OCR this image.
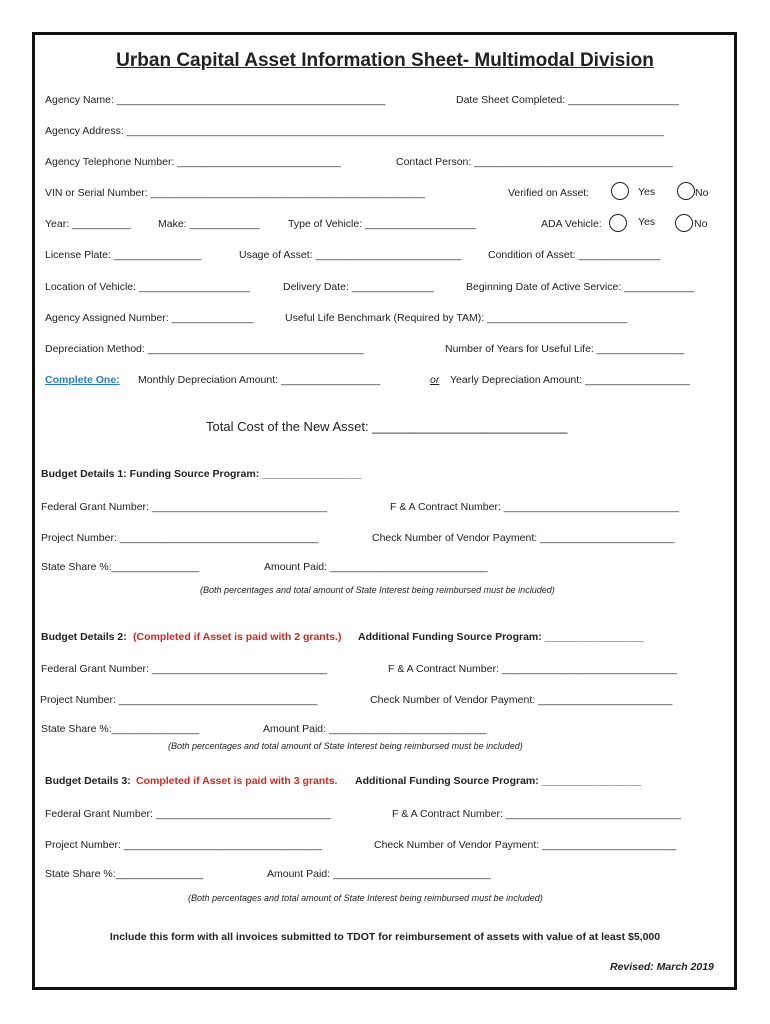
Urban Capital Asset Information Sheet- Multimodal Division
Agency Name: ______________________________________________	Date Sheet Completed: ___________________
Agency Address: ____________________________________________________________________________________________
Agency Telephone Number: ____________________________	Contact Person: __________________________________
VIN or Serial Number: _______________________________________________	Verified on Asset:	Yes	No
Year: __________	Make: ____________	Type of Vehicle: ___________________	ADA Vehicle:	Yes	No
License Plate: _______________	Usage of Asset: _________________________	Condition of Asset: ______________
Location of Vehicle: ___________________	Delivery Date: ______________	Beginning Date of Active Service: ____________
Agency Assigned Number: ______________	Useful Life Benchmark (Required by TAM): ________________________
Depreciation Method: _____________________________________	Number of Years for Useful Life: _______________
Complete One: Monthly Depreciation Amount: _________________	or Yearly Depreciation Amount: __________________
Total Cost of the New Asset: ___________________________
Budget Details 1: Funding Source Program: _________________
Federal Grant Number: ______________________________	F & A Contract Number: ______________________________
Project Number: __________________________________	Check Number of Vendor Payment: _______________________
State Share %:_______________	Amount Paid: ___________________________
(Both percentages and total amount of State Interest being reimbursed must be included)
Budget Details 2: (Completed if Asset is paid with 2 grants.) Additional Funding Source Program: _________________
Federal Grant Number: ______________________________	F & A Contract Number: ______________________________
Project Number: __________________________________	Check Number of Vendor Payment: _______________________
State Share %:_______________	Amount Paid: ___________________________
(Both percentages and total amount of State Interest being reimbursed must be included)
Budget Details 3: Completed if Asset is paid with 3 grants. Additional Funding Source Program: _________________
Federal Grant Number: ______________________________	F & A Contract Number: ______________________________
Project Number: __________________________________	Check Number of Vendor Payment: _______________________
State Share %:_______________	Amount Paid: ___________________________
(Both percentages and total amount of State Interest being reimbursed must be included)
Include this form with all invoices submitted to TDOT for reimbursement of assets with value of at least $5,000
Revised: March 2019
